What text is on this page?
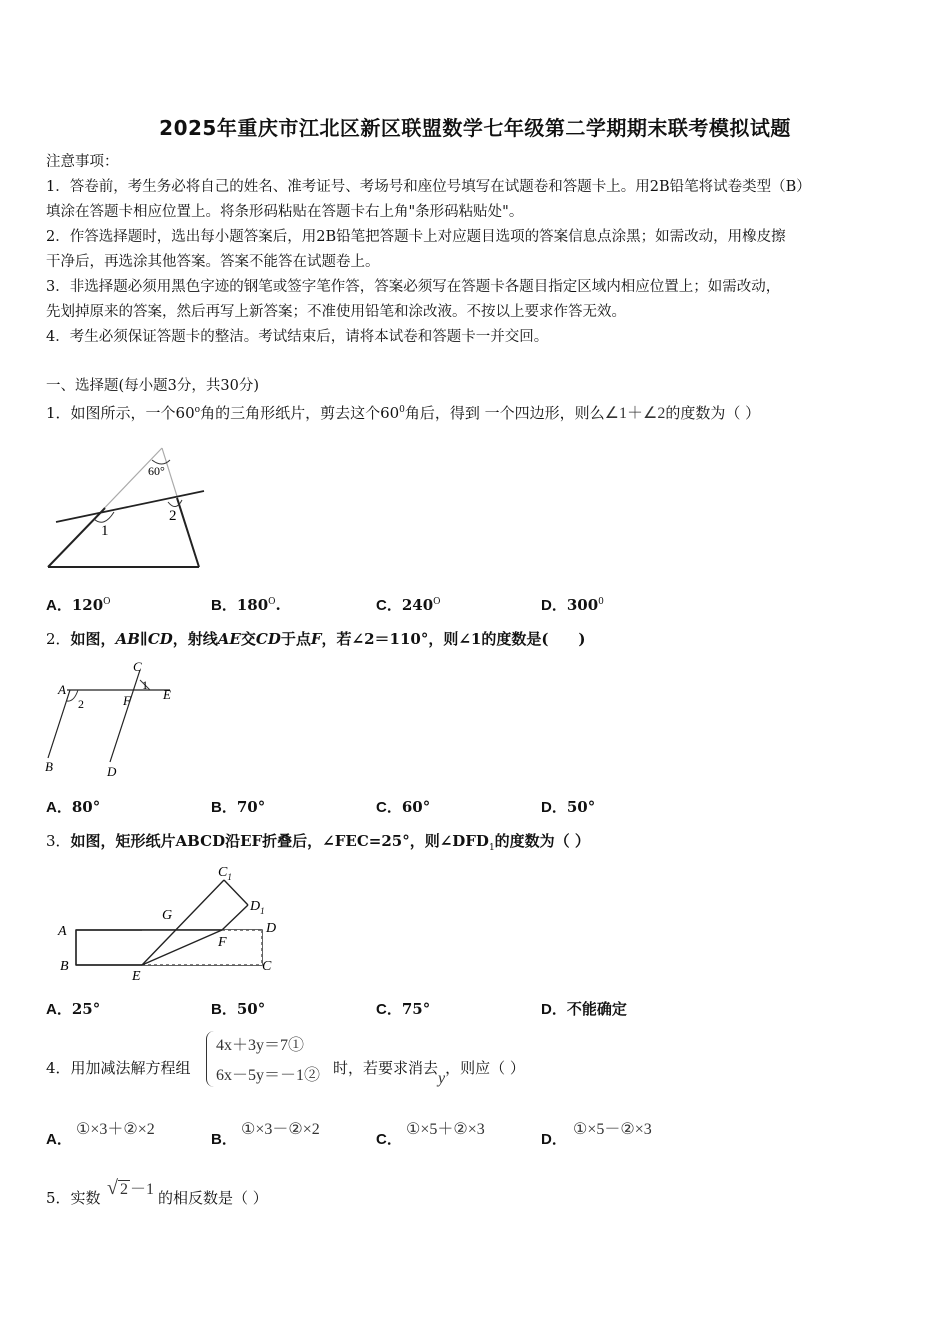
2025年重庆市江北区新区联盟数学七年级第二学期期末联考模拟试题
注意事项：
1．答卷前，考生务必将自己的姓名、准考证号、考场号和座位号填写在试题卷和答题卡上。用2B铅笔将试卷类型（B）
填涂在答题卡相应位置上。将条形码粘贴在答题卡右上角"条形码粘贴处"。
2．作答选择题时，选出每小题答案后，用2B铅笔把答题卡上对应题目选项的答案信息点涂黑；如需改动，用橡皮擦
干净后，再选涂其他答案。答案不能答在试题卷上。
3．非选择题必须用黑色字迹的钢笔或签字笔作答，答案必须写在答题卡各题目指定区域内相应位置上；如需改动，
先划掉原来的答案，然后再写上新答案；不准使用铅笔和涂改液。不按以上要求作答无效。
4．考生必须保证答题卡的整洁。考试结束后，请将本试卷和答题卡一并交回。
一、选择题(每小题3分，共30分)
1．如图所示，一个60$^o$角的三角形纸片，剪去这个$60^0$角后，得到 一个四边形，则么∠1＋∠2的度数为（ ）
60°
1
2
A．$120^O$	B．$180^O$.	C．$240^O$	D．$300^0$
2．如图，AB∥CD，射线AE交CD于点F，若∠2＝110°，则∠1的度数是(　　)
A
B
C
D
E
F
1
2
A．80°	B．70°	C．60°	D．50°
3．如图，矩形纸片ABCD沿EF折叠后，∠FEC=25°，则$\angle DFD_1$的度数为（ ）
A
B
E
C
D
F
G
$C_1$
$D_1$
A．25°	B．50°	C．75°	D．不能确定
4．用加减法解方程组
4x＋3y＝7①
6x－5y＝－1② 时，若要求消去y，则应（ ）
A．
①×3＋②×2
B．
①×3－②×2
C．
①×5＋②×3
D．
①×5－②×3
5．实数 √ 2 －1 的相反数是（ ）
